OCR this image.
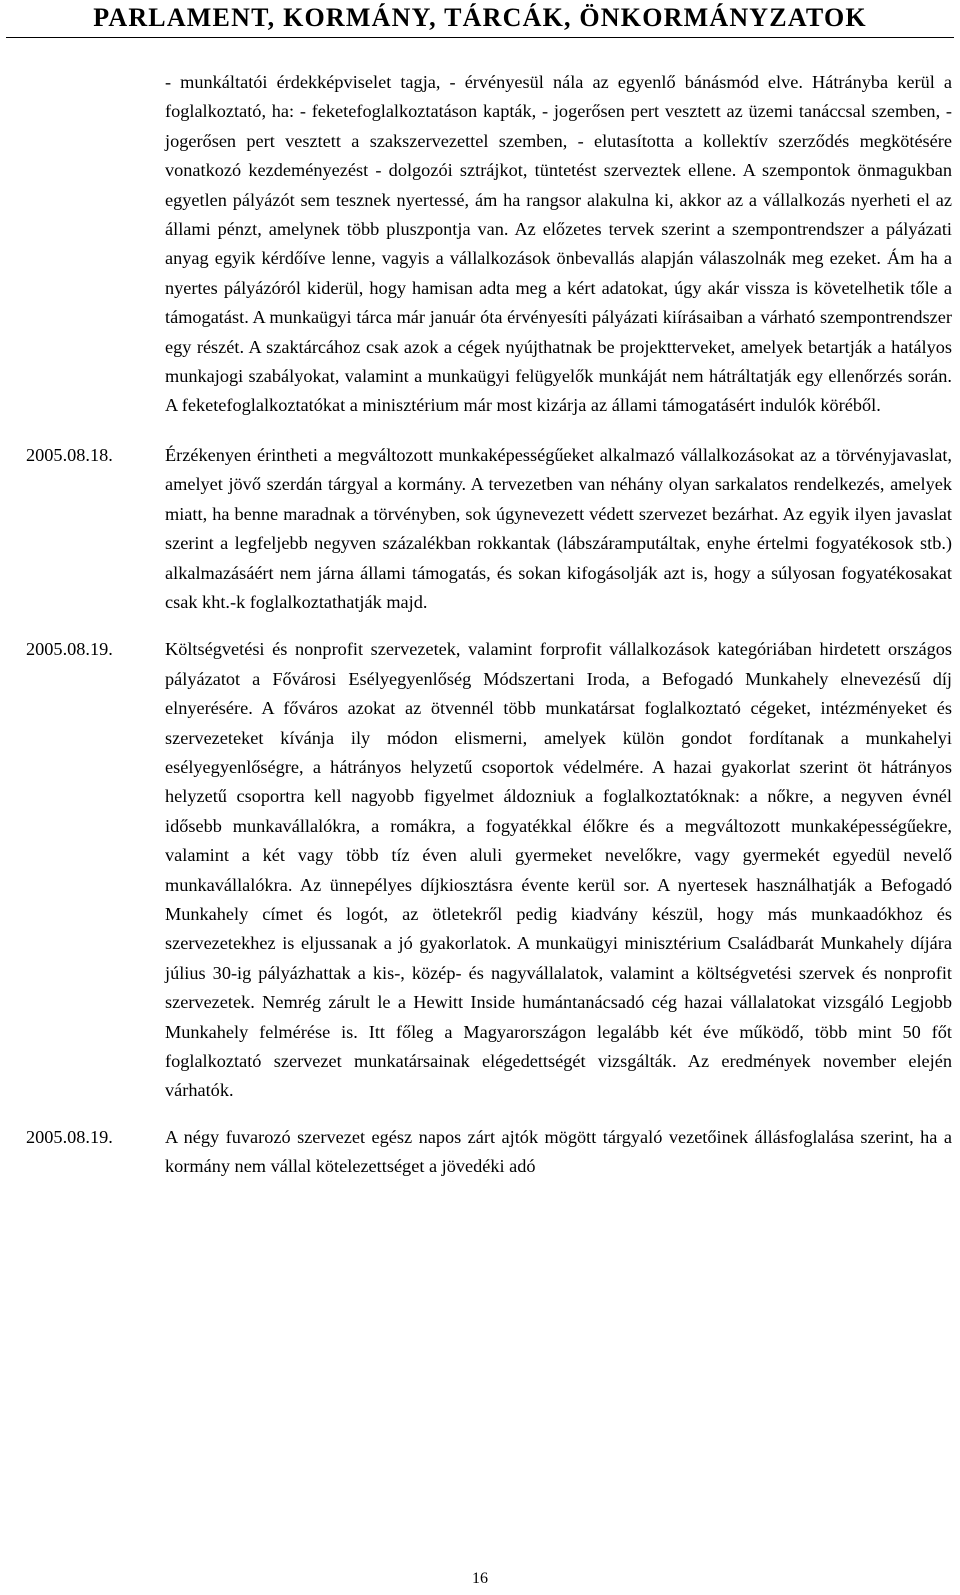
PARLAMENT, KORMÁNY, TÁRCÁK, ÖNKORMÁNYZATOK
- munkáltatói érdekképviselet tagja, - érvényesül nála az egyenlő bánásmód elve. Hátrányba kerül a foglalkoztató, ha: - feketefoglalkoztatáson kapták, - jogerősen pert vesztett az üzemi tanáccsal szemben, - jogerősen pert vesztett a szakszervezettel szemben, - elutasította a kollektív szerződés megkötésére vonatkozó kezdeményezést - dolgozói sztrájkot, tüntetést szerveztek ellene. A szempontok önmagukban egyetlen pályázót sem tesznek nyertessé, ám ha rangsor alakulna ki, akkor az a vállalkozás nyerheti el az állami pénzt, amelynek több pluszpontja van. Az előzetes tervek szerint a szempontrendszer a pályázati anyag egyik kérdőíve lenne, vagyis a vállalkozások önbevallás alapján válaszolnák meg ezeket. Ám ha a nyertes pályázóról kiderül, hogy hamisan adta meg a kért adatokat, úgy akár vissza is követelhetik tőle a támogatást. A munkaügyi tárca már január óta érvényesíti pályázati kiírásaiban a várható szempontrendszer egy részét. A szaktárcához csak azok a cégek nyújthatnak be projektterveket, amelyek betartják a hatályos munkajogi szabályokat, valamint a munkaügyi felügyelők munkáját nem hátráltatják egy ellenőrzés során. A feketefoglalkoztatókat a minisztérium már most kizárja az állami támogatásért indulók köréből.
2005.08.18.	Érzékenyen érintheti a megváltozott munkaképességűeket alkalmazó vállalkozásokat az a törvényjavaslat, amelyet jövő szerdán tárgyal a kormány. A tervezetben van néhány olyan sarkalatos rendelkezés, amelyek miatt, ha benne maradnak a törvényben, sok úgynevezett védett szervezet bezárhat. Az egyik ilyen javaslat szerint a legfeljebb negyven százalékban rokkantak (lábszáramputáltak, enyhe értelmi fogyatékosok stb.) alkalmazásáért nem járna állami támogatás, és sokan kifogásolják azt is, hogy a súlyosan fogyatékosakat csak kht.-k foglalkoztathatják majd.
2005.08.19.	Költségvetési és nonprofit szervezetek, valamint forprofit vállalkozások kategóriában hirdetett országos pályázatot a Fővárosi Esélyegyenlőség Módszertani Iroda, a Befogadó Munkahely elnevezésű díj elnyerésére. A főváros azokat az ötvennél több munkatársat foglalkoztató cégeket, intézményeket és szervezeteket kívánja ily módon elismerni, amelyek külön gondot fordítanak a munkahelyi esélyegyenlőségre, a hátrányos helyzetű csoportok védelmére. A hazai gyakorlat szerint öt hátrányos helyzetű csoportra kell nagyobb figyelmet áldozniuk a foglalkoztatóknak: a nőkre, a negyven évnél idősebb munkavállalókra, a romákra, a fogyatékkal élőkre és a megváltozott munkaképességűekre, valamint a két vagy több tíz éven aluli gyermeket nevelőkre, vagy gyermekét egyedül nevelő munkavállalókra. Az ünnepélyes díjkiosztásra évente kerül sor. A nyertesek használhatják a Befogadó Munkahely címet és logót, az ötletekről pedig kiadvány készül, hogy más munkaadókhoz és szervezetekhez is eljussanak a jó gyakorlatok. A munkaügyi minisztérium Családbarát Munkahely díjára július 30-ig pályázhattak a kis-, közép- és nagyvállalatok, valamint a költségvetési szervek és nonprofit szervezetek. Nemrég zárult le a Hewitt Inside humántanácsadó cég hazai vállalatokat vizsgáló Legjobb Munkahely felmérése is. Itt főleg a Magyarországon legalább két éve működő, több mint 50 főt foglalkoztató szervezet munkatársainak elégedettségét vizsgálták. Az eredmények november elején várhatók.
2005.08.19.	A négy fuvarozó szervezet egész napos zárt ajtók mögött tárgyaló vezetőinek állásfoglalása szerint, ha a kormány nem vállal kötelezettséget a jövedéki adó
16
